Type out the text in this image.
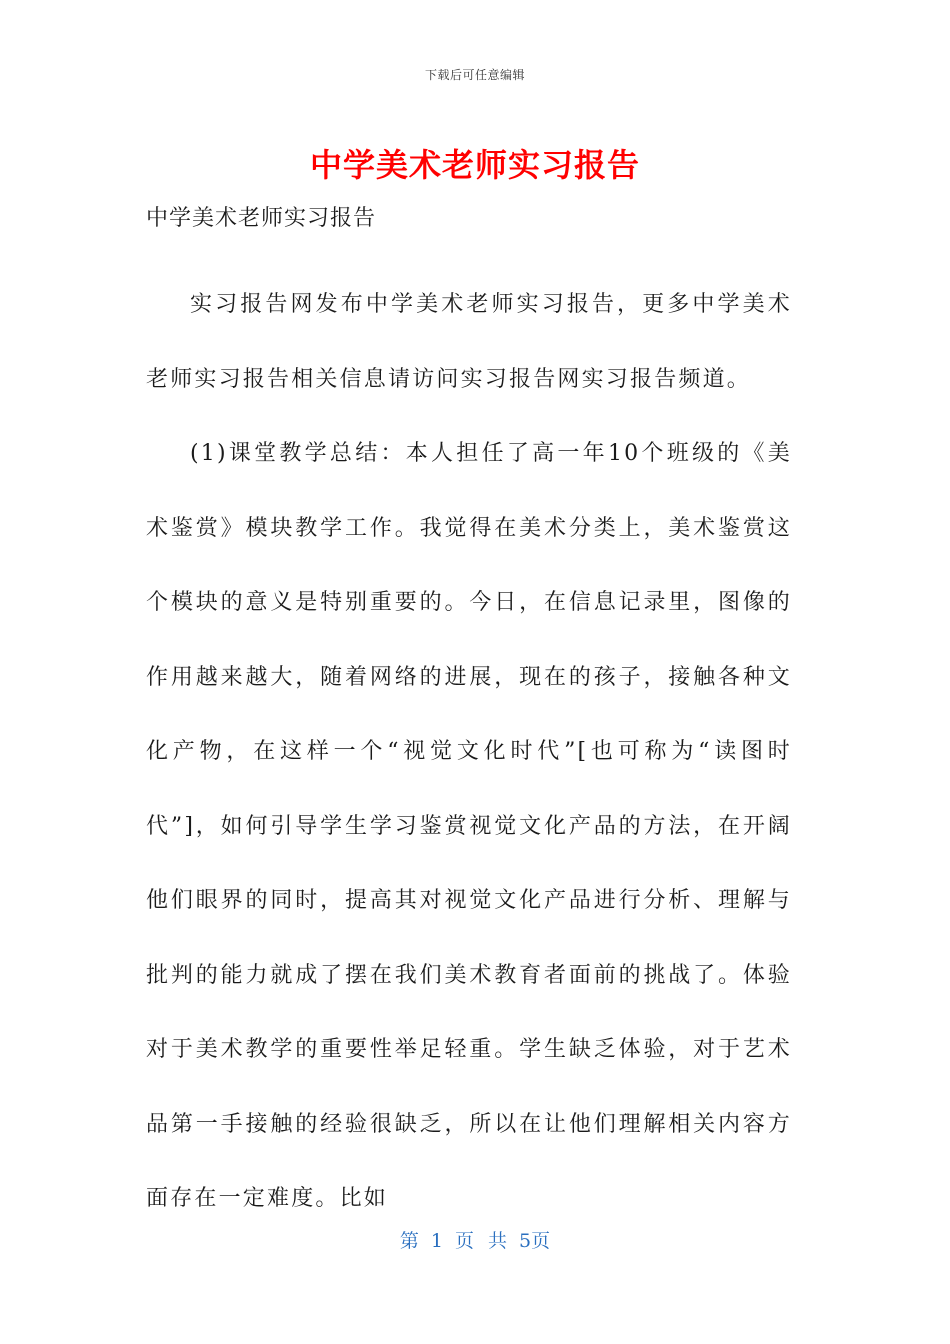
下载后可任意编辑
中学美术老师实习报告

中学美术老师实习报告

实习报告网发布中学美术老师实习报告，更多中学美术老师实习报告相关信息请访问实习报告网实习报告频道。

(1)课堂教学总结：本人担任了高一年10个班级的《美术鉴赏》模块教学工作。我觉得在美术分类上，美术鉴赏这个模块的意义是特别重要的。今日，在信息记录里，图像的作用越来越大，随着网络的进展，现在的孩子，接触各种文化产物，在这样一个“视觉文化时代”[也可称为“读图时代”]，如何引导学生学习鉴赏视觉文化产品的方法，在开阔他们眼界的同时，提高其对视觉文化产品进行分析、理解与批判的能力就成了摆在我们美术教育者面前的挑战了。体验对于美术教学的重要性举足轻重。学生缺乏体验，对于艺术品第一手接触的经验很缺乏，所以在让他们理解相关内容方面存在一定难度。比如

第 1 页 共 5页
